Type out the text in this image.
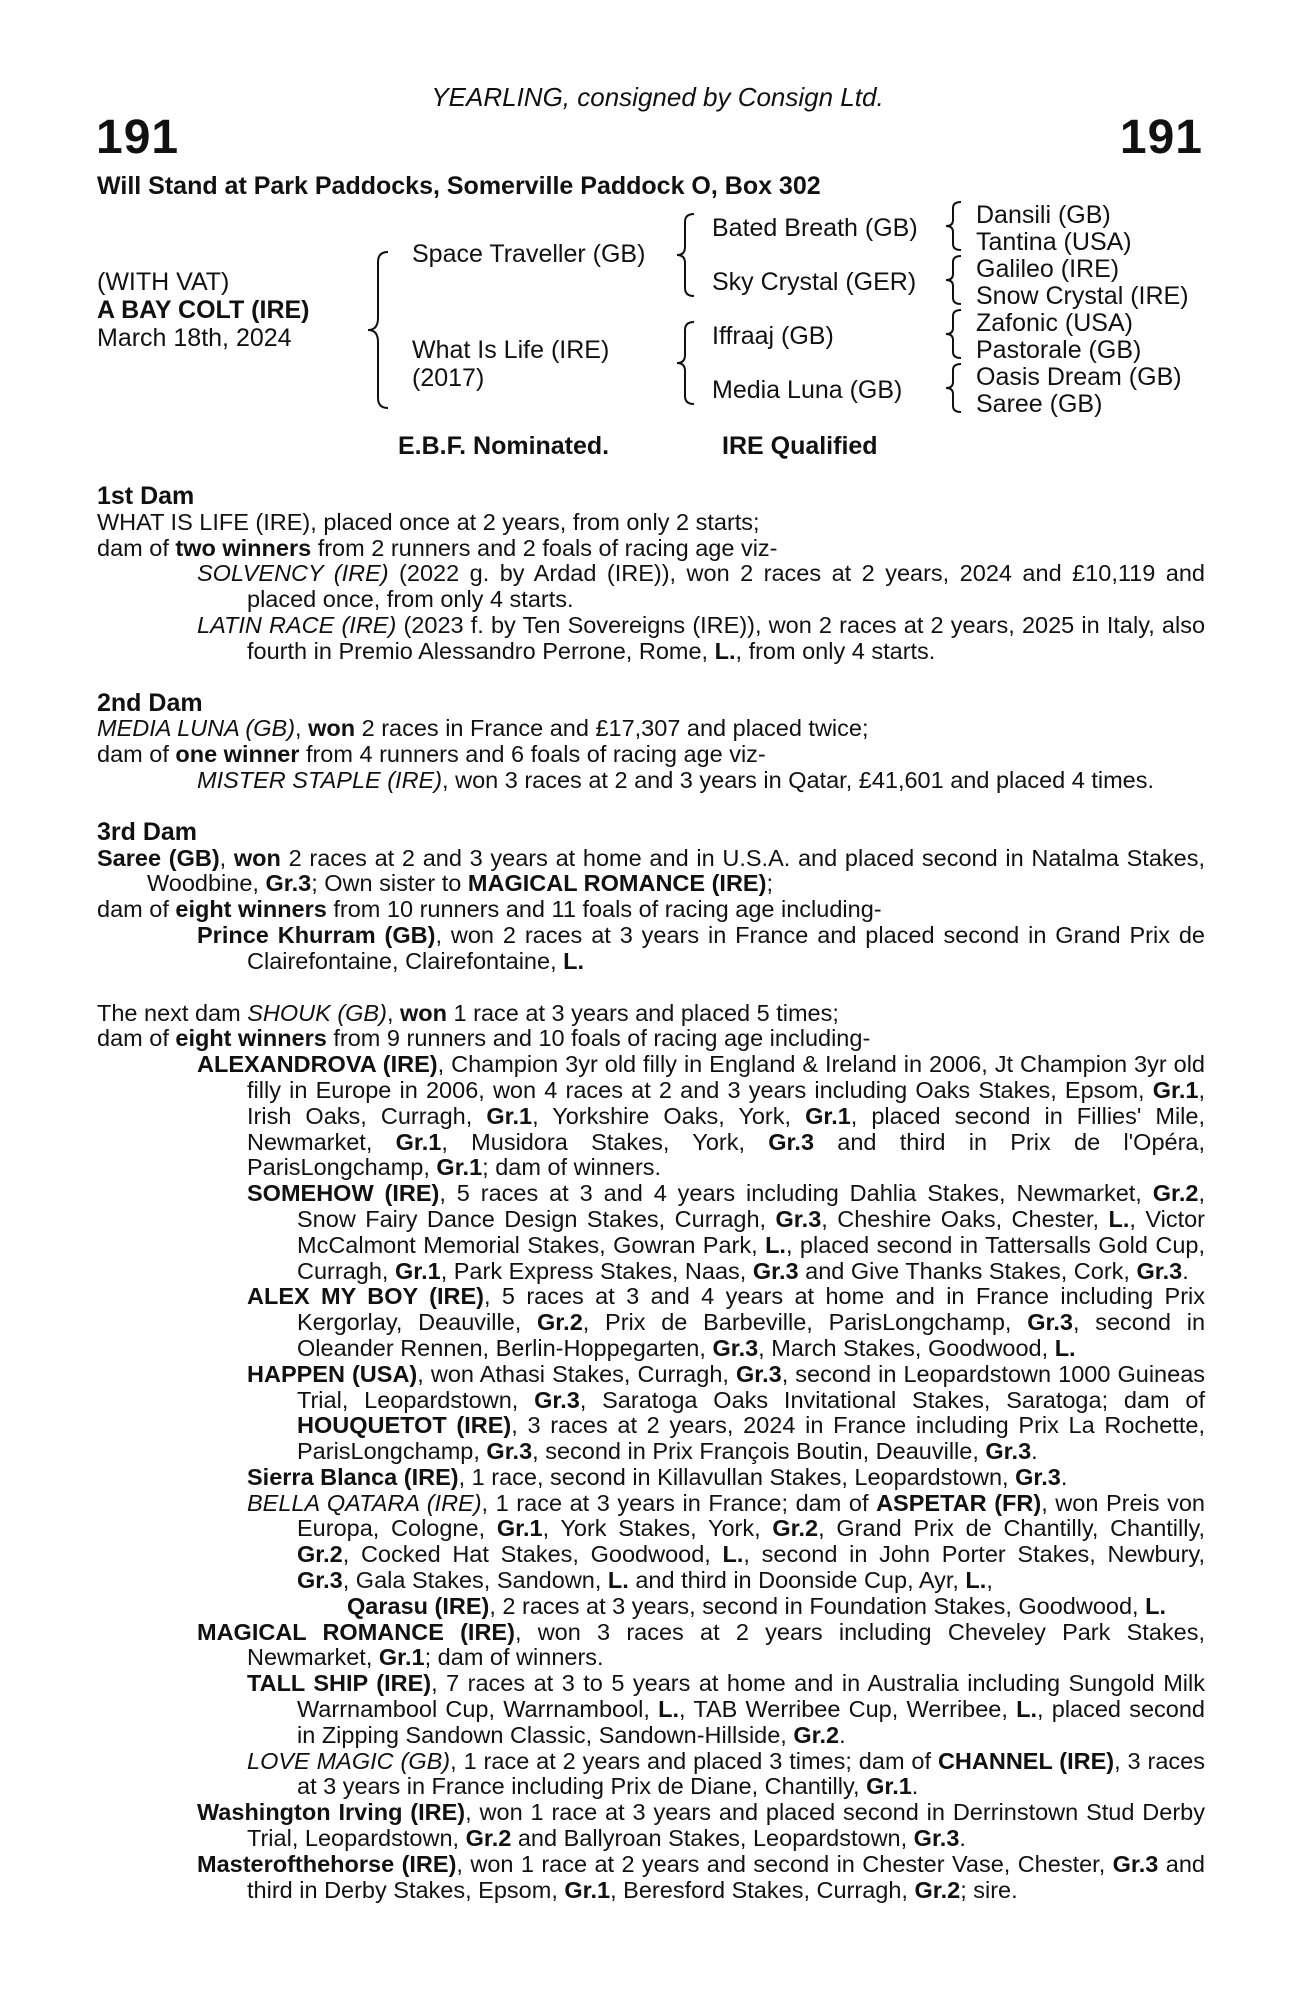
YEARLING, consigned by Consign Ltd.
191	191
Will Stand at Park Paddocks, Somerville Paddock O, Box 302
(WITH VAT)
A BAY COLT (IRE)
March 18th, 2024
Space Traveller (GB)
What Is Life (IRE)
(2017)
Bated Breath (GB)
Sky Crystal (GER)
Iffraaj (GB)
Media Luna (GB)
Dansili (GB)
Tantina (USA)
Galileo (IRE)
Snow Crystal (IRE)
Zafonic (USA)
Pastorale (GB)
Oasis Dream (GB)
Saree (GB)
E.B.F. Nominated.	IRE Qualified

1st Dam

WHAT IS LIFE (IRE), placed once at 2 years, from only 2 starts;

dam of two winners from 2 runners and 2 foals of racing age viz-

SOLVENCY (IRE) (2022 g. by Ardad (IRE)), won 2 races at 2 years, 2024 and £10,119 and placed once, from only 4 starts.

LATIN RACE (IRE) (2023 f. by Ten Sovereigns (IRE)), won 2 races at 2 years, 2025 in Italy, also fourth in Premio Alessandro Perrone, Rome, L., from only 4 starts.

2nd Dam

MEDIA LUNA (GB), won 2 races in France and £17,307 and placed twice;

dam of one winner from 4 runners and 6 foals of racing age viz-

MISTER STAPLE (IRE), won 3 races at 2 and 3 years in Qatar, £41,601 and placed 4 times.

3rd Dam

Saree (GB), won 2 races at 2 and 3 years at home and in U.S.A. and placed second in Natalma Stakes, Woodbine, Gr.3; Own sister to MAGICAL ROMANCE (IRE);

dam of eight winners from 10 runners and 11 foals of racing age including-

Prince Khurram (GB), won 2 races at 3 years in France and placed second in Grand Prix de Clairefontaine, Clairefontaine, L.

The next dam SHOUK (GB), won 1 race at 3 years and placed 5 times;

dam of eight winners from 9 runners and 10 foals of racing age including-

ALEXANDROVA (IRE), Champion 3yr old filly in England & Ireland in 2006, Jt Champion 3yr old filly in Europe in 2006, won 4 races at 2 and 3 years including Oaks Stakes, Epsom, Gr.1, Irish Oaks, Curragh, Gr.1, Yorkshire Oaks, York, Gr.1, placed second in Fillies' Mile, Newmarket, Gr.1, Musidora Stakes, York, Gr.3 and third in Prix de l'Opéra, ParisLongchamp, Gr.1; dam of winners.

SOMEHOW (IRE), 5 races at 3 and 4 years including Dahlia Stakes, Newmarket, Gr.2, Snow Fairy Dance Design Stakes, Curragh, Gr.3, Cheshire Oaks, Chester, L., Victor McCalmont Memorial Stakes, Gowran Park, L., placed second in Tattersalls Gold Cup, Curragh, Gr.1, Park Express Stakes, Naas, Gr.3 and Give Thanks Stakes, Cork, Gr.3.

ALEX MY BOY (IRE), 5 races at 3 and 4 years at home and in France including Prix Kergorlay, Deauville, Gr.2, Prix de Barbeville, ParisLongchamp, Gr.3, second in Oleander Rennen, Berlin-Hoppegarten, Gr.3, March Stakes, Goodwood, L.

HAPPEN (USA), won Athasi Stakes, Curragh, Gr.3, second in Leopardstown 1000 Guineas Trial, Leopardstown, Gr.3, Saratoga Oaks Invitational Stakes, Saratoga; dam of HOUQUETOT (IRE), 3 races at 2 years, 2024 in France including Prix La Rochette, ParisLongchamp, Gr.3, second in Prix François Boutin, Deauville, Gr.3.

Sierra Blanca (IRE), 1 race, second in Killavullan Stakes, Leopardstown, Gr.3.

BELLA QATARA (IRE), 1 race at 3 years in France; dam of ASPETAR (FR), won Preis von Europa, Cologne, Gr.1, York Stakes, York, Gr.2, Grand Prix de Chantilly, Chantilly, Gr.2, Cocked Hat Stakes, Goodwood, L., second in John Porter Stakes, Newbury, Gr.3, Gala Stakes, Sandown, L. and third in Doonside Cup, Ayr, L.,

Qarasu (IRE), 2 races at 3 years, second in Foundation Stakes, Goodwood, L.

MAGICAL ROMANCE (IRE), won 3 races at 2 years including Cheveley Park Stakes, Newmarket, Gr.1; dam of winners.

TALL SHIP (IRE), 7 races at 3 to 5 years at home and in Australia including Sungold Milk Warrnambool Cup, Warrnambool, L., TAB Werribee Cup, Werribee, L., placed second in Zipping Sandown Classic, Sandown-Hillside, Gr.2.

LOVE MAGIC (GB), 1 race at 2 years and placed 3 times; dam of CHANNEL (IRE), 3 races at 3 years in France including Prix de Diane, Chantilly, Gr.1.

Washington Irving (IRE), won 1 race at 3 years and placed second in Derrinstown Stud Derby Trial, Leopardstown, Gr.2 and Ballyroan Stakes, Leopardstown, Gr.3.

Masterofthehorse (IRE), won 1 race at 2 years and second in Chester Vase, Chester, Gr.3 and third in Derby Stakes, Epsom, Gr.1, Beresford Stakes, Curragh, Gr.2; sire.
